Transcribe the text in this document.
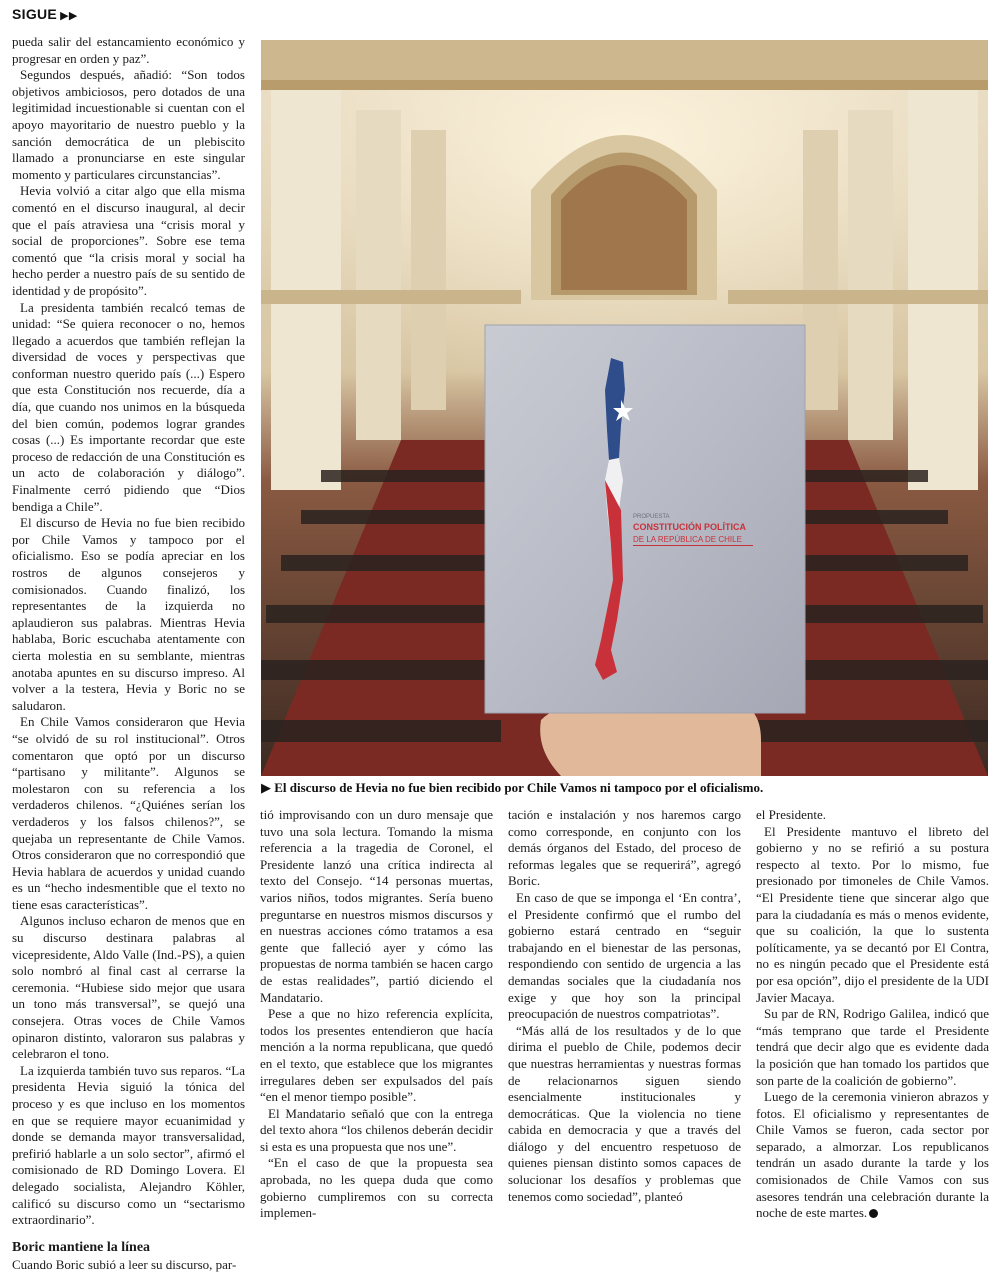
SIGUE ▶▶

pueda salir del estancamiento económico y progresar en orden y paz”.

Segundos después, añadió: “Son todos objetivos ambiciosos, pero dotados de una legitimidad incuestionable si cuentan con el apoyo mayoritario de nuestro pueblo y la sanción democrática de un plebiscito llamado a pronunciarse en este singular momento y particulares circunstancias”.

Hevia volvió a citar algo que ella misma comentó en el discurso inaugural, al decir que el país atraviesa una “crisis moral y social de proporciones”. Sobre ese tema comentó que “la crisis moral y social ha hecho perder a nuestro país de su sentido de identidad y de propósito”.

La presidenta también recalcó temas de unidad: “Se quiera reconocer o no, hemos llegado a acuerdos que también reflejan la diversidad de voces y perspectivas que conforman nuestro querido país (...) Espero que esta Constitución nos recuerde, día a día, que cuando nos unimos en la búsqueda del bien común, podemos lograr grandes cosas (...) Es importante recordar que este proceso de redacción de una Constitución es un acto de colaboración y diálogo”. Finalmente cerró pidiendo que “Dios bendiga a Chile”.

El discurso de Hevia no fue bien recibido por Chile Vamos y tampoco por el oficialismo. Eso se podía apreciar en los rostros de algunos consejeros y comisionados. Cuando finalizó, los representantes de la izquierda no aplaudieron sus palabras. Mientras Hevia hablaba, Boric escuchaba atentamente con cierta molestia en su semblante, mientras anotaba apuntes en su discurso impreso. Al volver a la testera, Hevia y Boric no se saludaron.

En Chile Vamos consideraron que Hevia “se olvidó de su rol institucional”. Otros comentaron que optó por un discurso “partisano y militante”. Algunos se molestaron con su referencia a los verdaderos chilenos. “¿Quiénes serían los verdaderos y los falsos chilenos?”, se quejaba un representante de Chile Vamos. Otros consideraron que no correspondió que Hevia hablara de acuerdos y unidad cuando es un “hecho indesmentible que el texto no tiene esas características”.

Algunos incluso echaron de menos que en su discurso destinara palabras al vicepresidente, Aldo Valle (Ind.-PS), a quien solo nombró al final cast al cerrarse la ceremonia. “Hubiese sido mejor que usara un tono más transversal”, se quejó una consejera. Otras voces de Chile Vamos opinaron distinto, valoraron sus palabras y celebraron el tono.

La izquierda también tuvo sus reparos. “La presidenta Hevia siguió la tónica del proceso y es que incluso en los momentos en que se requiere mayor ecuanimidad y donde se demanda mayor transversalidad, prefirió hablarle a un solo sector”, afirmó el comisionado de RD Domingo Lovera. El delegado socialista, Alejandro Köhler, calificó su discurso como un “sectarismo extraordinario”.

Boric mantiene la línea

Cuando Boric subió a leer su discurso, par-

PROPUESTA
CONSTITUCIÓN POLÍTICA
DE LA REPÚBLICA DE CHILE
▶ El discurso de Hevia no fue bien recibido por Chile Vamos ni tampoco por el oficialismo.

tió improvisando con un duro mensaje que tuvo una sola lectura. Tomando la misma referencia a la tragedia de Coronel, el Presidente lanzó una crítica indirecta al texto del Consejo. “14 personas muertas, varios niños, todos migrantes. Sería bueno preguntarse en nuestros mismos discursos y en nuestras acciones cómo tratamos a esa gente que falleció ayer y cómo las propuestas de norma también se hacen cargo de estas realidades”, partió diciendo el Mandatario.

Pese a que no hizo referencia explícita, todos los presentes entendieron que hacía mención a la norma republicana, que quedó en el texto, que establece que los migrantes irregulares deben ser expulsados del país “en el menor tiempo posible”.

El Mandatario señaló que con la entrega del texto ahora “los chilenos deberán decidir si esta es una propuesta que nos une”.

“En el caso de que la propuesta sea aprobada, no les quepa duda que como gobierno cumpliremos con su correcta implemen-

tación e instalación y nos haremos cargo como corresponde, en conjunto con los demás órganos del Estado, del proceso de reformas legales que se requerirá”, agregó Boric.

En caso de que se imponga el ‘En contra’, el Presidente confirmó que el rumbo del gobierno estará centrado en “seguir trabajando en el bienestar de las personas, respondiendo con sentido de urgencia a las demandas sociales que la ciudadanía nos exige y que hoy son la principal preocupación de nuestros compatriotas”.

“Más allá de los resultados y de lo que dirima el pueblo de Chile, podemos decir que nuestras herramientas y nuestras formas de relacionarnos siguen siendo esencialmente institucionales y democráticas. Que la violencia no tiene cabida en democracia y que a través del diálogo y del encuentro respetuoso de quienes piensan distinto somos capaces de solucionar los desafíos y problemas que tenemos como sociedad”, planteó

el Presidente.

El Presidente mantuvo el libreto del gobierno y no se refirió a su postura respecto al texto. Por lo mismo, fue presionado por timoneles de Chile Vamos. “El Presidente tiene que sincerar algo que para la ciudadanía es más o menos evidente, que su coalición, la que lo sustenta políticamente, ya se decantó por El Contra, no es ningún pecado que el Presidente está por esa opción”, dijo el presidente de la UDI Javier Macaya.

Su par de RN, Rodrigo Galilea, indicó que “más temprano que tarde el Presidente tendrá que decir algo que es evidente dada la posición que han tomado los partidos que son parte de la coalición de gobierno”.

Luego de la ceremonia vinieron abrazos y fotos. El oficialismo y representantes de Chile Vamos se fueron, cada sector por separado, a almorzar. Los republicanos tendrán un asado durante la tarde y los comisionados de Chile Vamos con sus asesores tendrán una celebración durante la noche de este martes.
